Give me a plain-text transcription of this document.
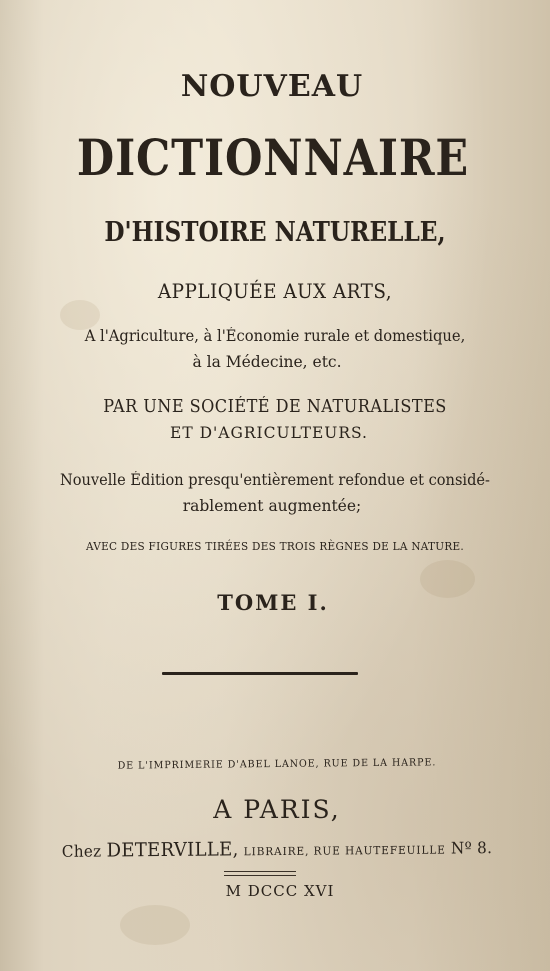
NOUVEAU
DICTIONNAIRE
D'HISTOIRE NATURELLE,
APPLIQUÉE AUX ARTS,
A l'Agriculture, à l'Économie rurale et domestique,
à la Médecine, etc.
PAR UNE SOCIÉTÉ DE NATURALISTES
ET D'AGRICULTEURS.
Nouvelle Édition presqu'entièrement refondue et considé-
rablement augmentée;
AVEC DES FIGURES TIRÉES DES TROIS RÈGNES DE LA NATURE.
TOME I.
DE L'IMPRIMERIE D'ABEL LANOE, RUE DE LA HARPE.
A PARIS,
Chez DETERVILLE, LIBRAIRE, RUE HAUTEFEUILLE Nº 8.
M DCCC XVI
